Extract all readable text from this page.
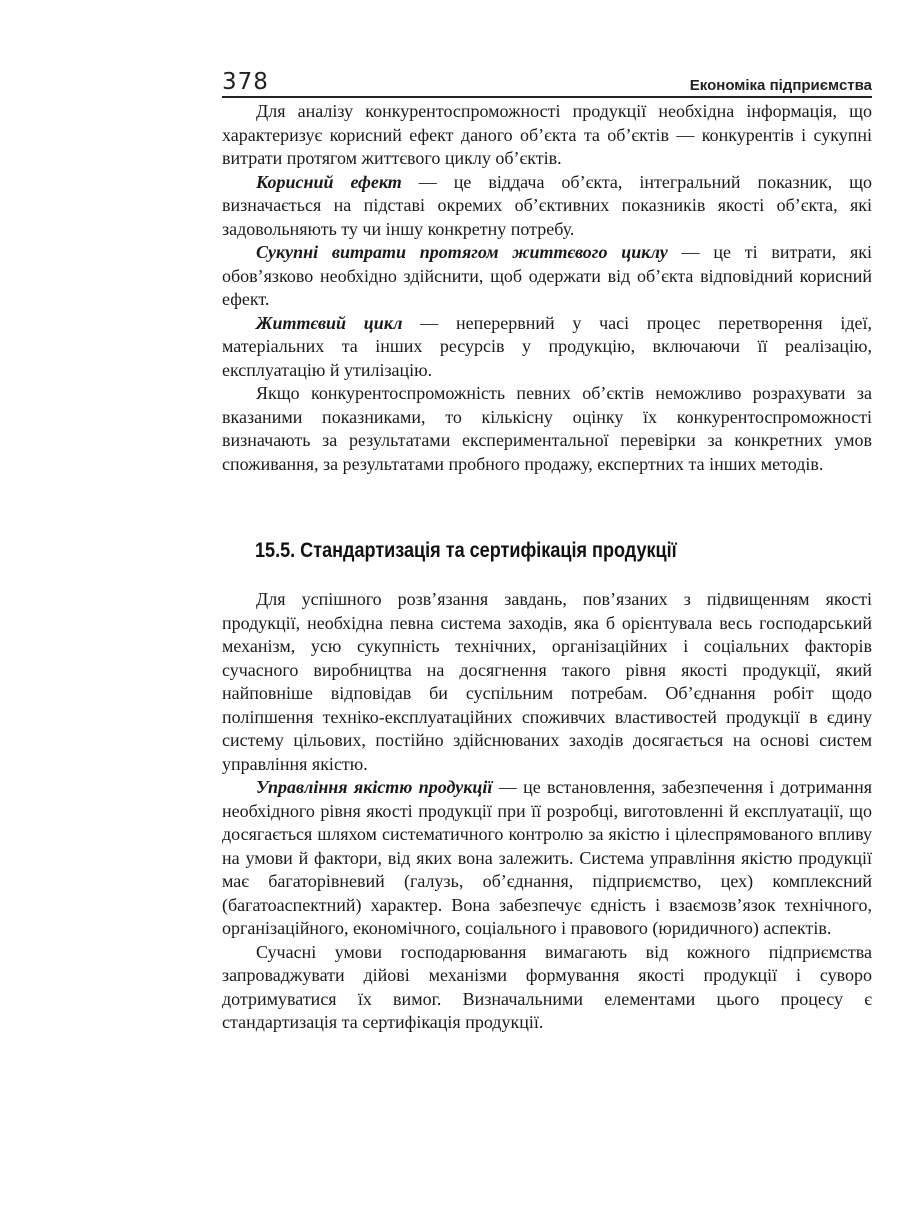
378	Економіка підприємства

Для аналізу конкурентоспроможності продукції необхідна інформація, що характеризує корисний ефект даного об’єкта та об’єктів — конкурентів і сукупні витрати протягом життєвого циклу об’єктів.

Корисний ефект — це віддача об’єкта, інтегральний показник, що визначається на підставі окремих об’єктивних показників якості об’єкта, які задовольняють ту чи іншу конкретну потребу.

Сукупні витрати протягом життєвого циклу — це ті витрати, які обов’язково необхідно здійснити, щоб одержати від об’єкта відповідний корисний ефект.

Життєвий цикл — неперервний у часі процес перетворення ідеї, матеріальних та інших ресурсів у продукцію, включаючи її реалізацію, експлуатацію й утилізацію.

Якщо конкурентоспроможність певних об’єктів неможливо розрахувати за вказаними показниками, то кількісну оцінку їх конкурентоспроможності визначають за результатами експериментальної перевірки за конкретних умов споживання, за результатами пробного продажу, експертних та інших методів.

15.5. Стандартизація та сертифікація продукції

Для успішного розв’язання завдань, пов’язаних з підвищенням якості продукції, необхідна певна система заходів, яка б орієнтувала весь господарський механізм, усю сукупність технічних, організаційних і соціальних факторів сучасного виробництва на досягнення такого рівня якості продукції, який найповніше відповідав би суспільним потребам. Об’єднання робіт щодо поліпшення техніко-експлуатаційних споживчих властивостей продукції в єдину систему цільових, постійно здійснюваних заходів досягається на основі систем управління якістю.

Управління якістю продукції — це встановлення, забезпечення і дотримання необхідного рівня якості продукції при її розробці, виготовленні й експлуатації, що досягається шляхом систематичного контролю за якістю і цілеспрямованого впливу на умови й фактори, від яких вона залежить. Система управління якістю продукції має багаторівневий (галузь, об’єднання, підприємство, цех) комплексний (багатоаспектний) характер. Вона забезпечує єдність і взаємозв’язок технічного, організаційного, економічного, соціального і правового (юридичного) аспектів.

Сучасні умови господарювання вимагають від кожного підприємства запроваджувати дійові механізми формування якості продукції і суворо дотримуватися їх вимог. Визначальними елементами цього процесу є стандартизація та сертифікація продукції.
